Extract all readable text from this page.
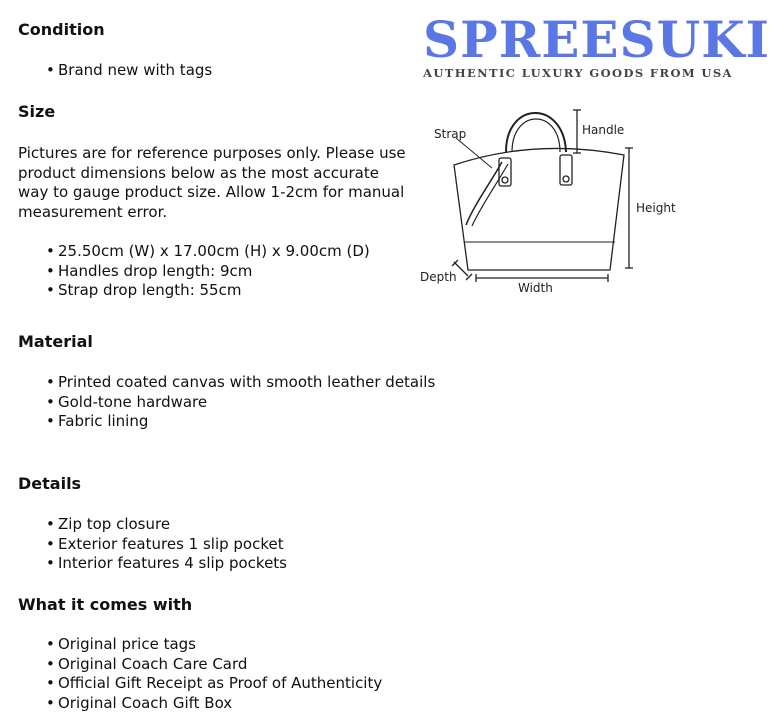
SPREESUKI
AUTHENTIC LUXURY GOODS FROM USA
Condition
• Brand new with tags
Size
Pictures are for reference purposes only. Please use product dimensions below as the most accurate way to gauge product size. Allow 1-2cm for manual measurement error.
• 25.50cm (W) x 17.00cm (H) x 9.00cm (D)
• Handles drop length: 9cm
• Strap drop length: 55cm
Strap	Handle
Height
Depth
Width
Material
• Printed coated canvas with smooth leather details
• Gold-tone hardware
• Fabric lining
Details
• Zip top closure
• Exterior features 1 slip pocket
• Interior features 4 slip pockets
What it comes with
• Original price tags
• Original Coach Care Card
• Official Gift Receipt as Proof of Authenticity
• Original Coach Gift Box
